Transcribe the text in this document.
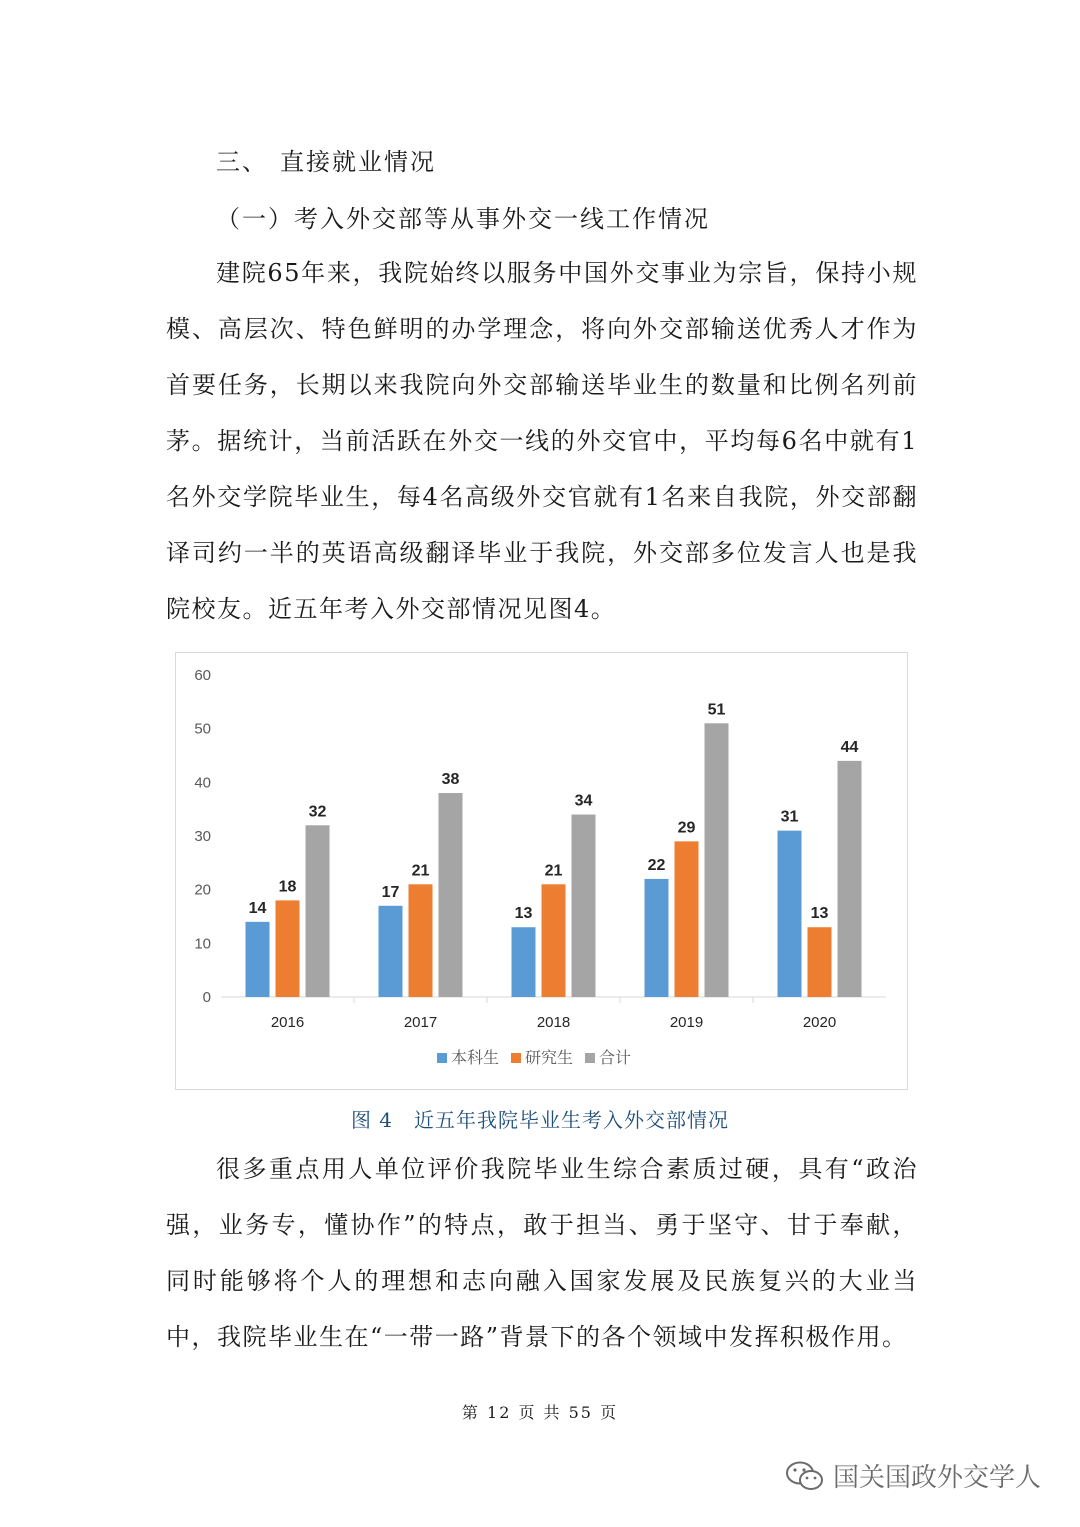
三、 直接就业情况
（一）考入外交部等从事外交一线工作情况

建院65年来，我院始终以服务中国外交事业为宗旨，保持小规模、高层次、特色鲜明的办学理念，将向外交部输送优秀人才作为首要任务，长期以来我院向外交部输送毕业生的数量和比例名列前茅。据统计，当前活跃在外交一线的外交官中，平均每6名中就有1名外交学院毕业生，每4名高级外交官就有1名来自我院，外交部翻译司约一半的英语高级翻译毕业于我院，外交部多位发言人也是我院校友。近五年考入外交部情况见图4。

0
10
20
30
40
50
60
14
18
32
2016
17
21
38
2017
13
21
34
2018
22
29
51
2019
31
13
44
2020
本科生 研究生 合计
图 4　近五年我院毕业生考入外交部情况

很多重点用人单位评价我院毕业生综合素质过硬，具有“政治强，业务专，懂协作”的特点，敢于担当、勇于坚守、甘于奉献，同时能够将个人的理想和志向融入国家发展及民族复兴的大业当中，我院毕业生在“一带一路”背景下的各个领域中发挥积极作用。

第 12 页 共 55 页
国关国政外交学人
